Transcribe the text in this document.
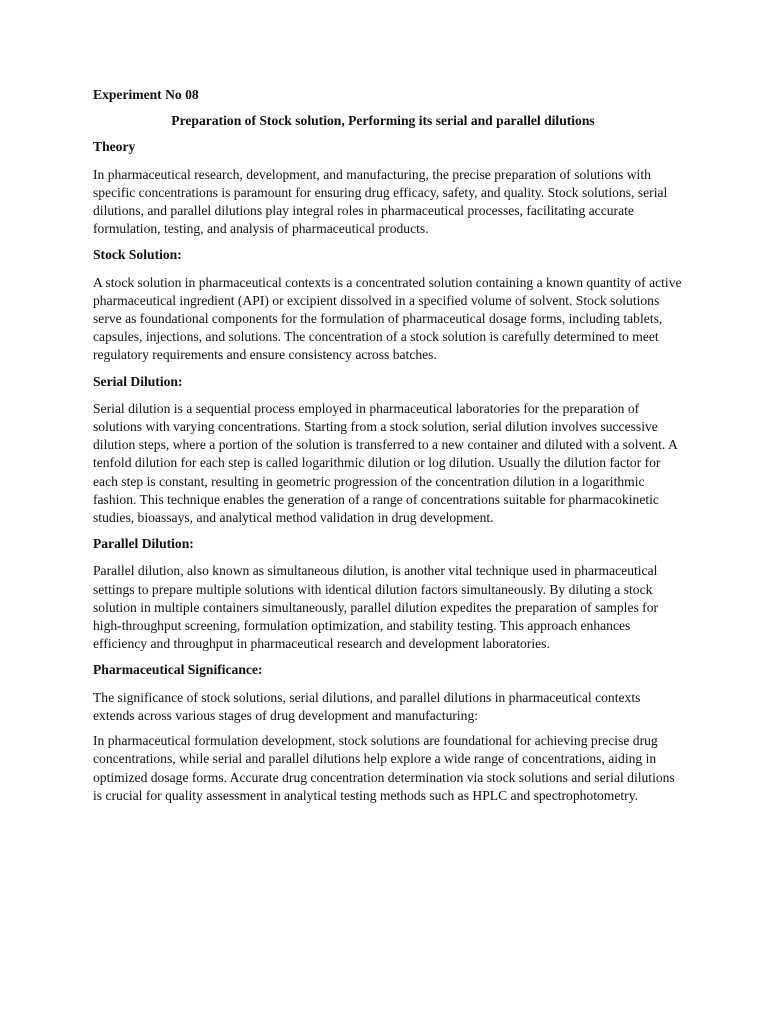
Experiment No 08

Preparation of Stock solution, Performing its serial and parallel dilutions

Theory

In pharmaceutical research, development, and manufacturing, the precise preparation of solutions with specific concentrations is paramount for ensuring drug efficacy, safety, and quality. Stock solutions, serial dilutions, and parallel dilutions play integral roles in pharmaceutical processes, facilitating accurate formulation, testing, and analysis of pharmaceutical products.

Stock Solution:

A stock solution in pharmaceutical contexts is a concentrated solution containing a known quantity of active pharmaceutical ingredient (API) or excipient dissolved in a specified volume of solvent. Stock solutions serve as foundational components for the formulation of pharmaceutical dosage forms, including tablets, capsules, injections, and solutions. The concentration of a stock solution is carefully determined to meet regulatory requirements and ensure consistency across batches.

Serial Dilution:

Serial dilution is a sequential process employed in pharmaceutical laboratories for the preparation of solutions with varying concentrations. Starting from a stock solution, serial dilution involves successive dilution steps, where a portion of the solution is transferred to a new container and diluted with a solvent. A tenfold dilution for each step is called logarithmic dilution or log dilution. Usually the dilution factor for each step is constant, resulting in geometric progression of the concentration dilution in a logarithmic fashion. This technique enables the generation of a range of concentrations suitable for pharmacokinetic studies, bioassays, and analytical method validation in drug development.

Parallel Dilution:

Parallel dilution, also known as simultaneous dilution, is another vital technique used in pharmaceutical settings to prepare multiple solutions with identical dilution factors simultaneously. By diluting a stock solution in multiple containers simultaneously, parallel dilution expedites the preparation of samples for high-throughput screening, formulation optimization, and stability testing. This approach enhances efficiency and throughput in pharmaceutical research and development laboratories.

Pharmaceutical Significance:

The significance of stock solutions, serial dilutions, and parallel dilutions in pharmaceutical contexts extends across various stages of drug development and manufacturing:

In pharmaceutical formulation development, stock solutions are foundational for achieving precise drug concentrations, while serial and parallel dilutions help explore a wide range of concentrations, aiding in optimized dosage forms. Accurate drug concentration determination via stock solutions and serial dilutions is crucial for quality assessment in analytical testing methods such as HPLC and spectrophotometry.
